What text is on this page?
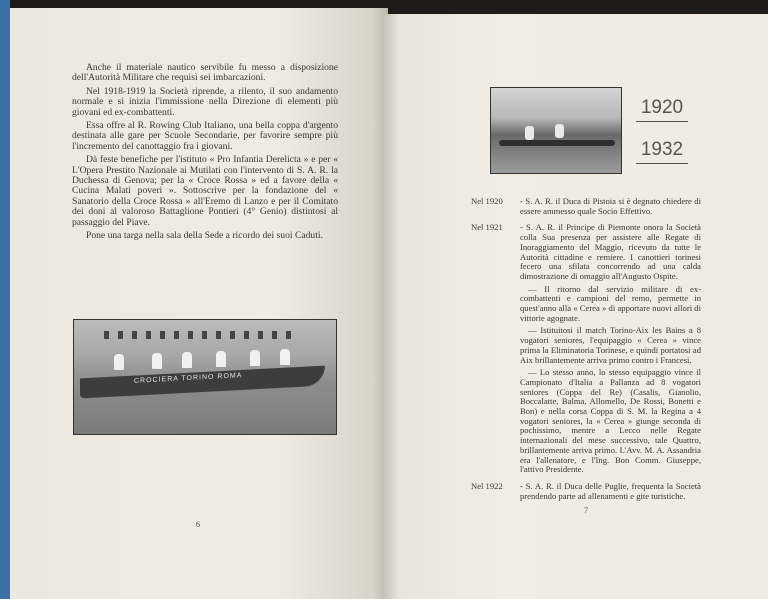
Anche il materiale nautico servibile fu messo a disposizione dell'Autorità Militare che requisì sei imbarcazioni.

Nel 1918-1919 la Società riprende, a rilento, il suo andamento normale e si inizia l'immissione nella Direzione di elementi più giovani ed ex-combattenti.

Essa offre al R. Rowing Club Italiano, una bella coppa d'argento destinata alle gare per Scuole Secondarie, per favorire sempre più l'incremento del canottaggio fra i giovani.

Dà feste benefiche per l'istituto « Pro Infantia Derelicta » e per « L'Opera Prestito Nazionale ai Mutilati con l'intervento di S. A. R. la Duchessa di Genova; per la « Croce Rossa » ed a favore della « Cucina Malati poveri ». Sottoscrive per la fondazione del « Sanatorio della Croce Rossa » all'Eremo di Lanzo e per il Comitato dei doni al valoroso Battaglione Pontieri (4° Genio) distintosi al passaggio del Piave.

Pone una targa nella sala della Sede a ricordo dei suoi Caduti.

CROCIERA TORINO ROMA
6
1920
1932
Nel 1920	- S. A. R. il Duca di Pistoia si è degnato chiedere di essere ammesso quale Socio Effettivo.

Nel 1921	- S. A. R. il Principe di Piemonte onora la Società colla Sua presenza per assistere alle Regate di Inoraggiamento del Maggio, ricevuto da tutte le Autorità cittadine e remiere. I canottieri torinesi fecero una sfilata concorrendo ad una calda dimostrazione di omaggio all'Augusto Ospite.

— Il ritorno dal servizio militare di ex-combattenti e campioni del remo, permette in quest'anno alla « Cerea » di apportare nuovi allori di vittorie agognate.

— Istituitosi il match Torino-Aix les Bains a 8 vogatori seniores, l'equipaggio « Cerea » vince prima la Eliminatoria Torinese, e quindi portatosi ad Aix brillantemente arriva primo contro i Francesi.

— Lo stesso anno, lo stesso equipaggio vince il Campionato d'Italia a Pallanza ad 8 vogatori seniores (Coppa del Re) (Casalis, Gianolio, Boccalatte, Balma, Allomello, De Rossi, Bonetti e Bon) e nella corsa Coppa di S. M. la Regina a 4 vogatori seniores, la « Cerea » giunge seconda di pochissimo, mentre a Lecco nelle Regate internazionali del mese successivo, tale Quattro, brillantemente arriva primo. L'Avv. M. A. Assandria era l'allenatore, e l'Ing. Bon Comm. Giuseppe, l'attivo Presidente.

Nel 1922	- S. A. R. il Duca delle Puglie, frequenta la Società prendendo parte ad allenamenti e gite turistiche.

7
